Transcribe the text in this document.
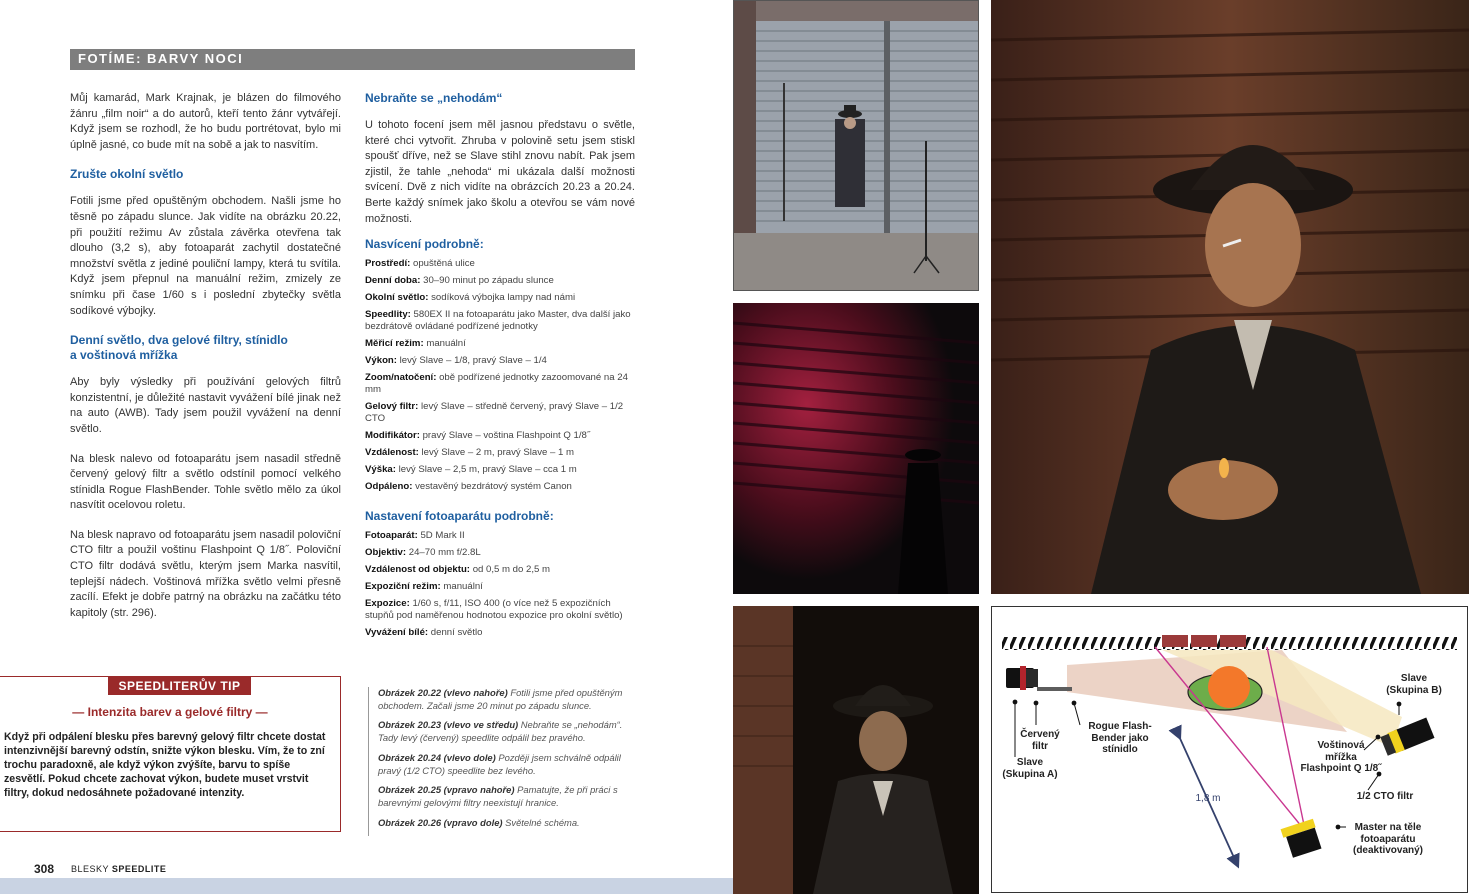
FOTÍME: BARVY NOCI

Můj kamarád, Mark Krajnak, je blázen do filmového žánru „film noir“ a do autorů, kteří tento žánr vytvářejí. Když jsem se rozhodl, že ho budu portrétovat, bylo mi úplně jasné, co bude mít na sobě a jak to nasvítím.

Zrušte okolní světlo

Fotili jsme před opuštěným obchodem. Našli jsme ho těsně po západu slunce. Jak vidíte na obrázku 20.22, při použití režimu Av zůstala závěrka otevřena tak dlouho (3,2 s), aby fotoaparát zachytil dostatečné množství světla z jediné pouliční lampy, která tu svítila. Když jsem přepnul na manuální režim, zmizely ze snímku při čase 1/60 s i poslední zbytečky světla sodíkové výbojky.

Denní světlo, dva gelové filtry, stínidlo
a voštinová mřížka

Aby byly výsledky při používání gelových filtrů konzistentní, je důležité nastavit vyvážení bílé jinak než na auto (AWB). Tady jsem použil vyvážení na denní světlo.

Na blesk nalevo od fotoaparátu jsem nasadil středně červený gelový filtr a světlo odstínil pomocí velkého stínidla Rogue FlashBender. Tohle světlo mělo za úkol nasvítit ocelovou roletu.

Na blesk napravo od fotoaparátu jsem nasadil poloviční CTO filtr a použil voštinu Flashpoint Q 1/8˝. Poloviční CTO filtr dodává světlu, kterým jsem Marka nasvítil, teplejší nádech. Voštinová mřížka světlo velmi přesně zacílí. Efekt je dobře patrný na obrázku na začátku této kapitoly (str. 296).

Nebraňte se „nehodám“

U tohoto focení jsem měl jasnou představu o světle, které chci vytvořit. Zhruba v polovině setu jsem stiskl spoušť dříve, než se Slave stihl znovu nabít. Pak jsem zjistil, že tahle „nehoda“ mi ukázala další možnosti svícení. Dvě z nich vidíte na obrázcích 20.23 a 20.24. Berte každý snímek jako školu a otevřou se vám nové možnosti.

Nasvícení podrobně:
Prostředí: opuštěná ulice
Denní doba: 30–90 minut po západu slunce
Okolní světlo: sodíková výbojka lampy nad námi
Speedlity: 580EX II na fotoaparátu jako Master, dva další jako bezdrátově ovládané podřízené jednotky
Měřicí režim: manuální
Výkon: levý Slave – 1/8, pravý Slave – 1/4
Zoom/natočení: obě podřízené jednotky zazoomované na 24 mm
Gelový filtr: levý Slave – středně červený, pravý Slave – 1/2 CTO
Modifikátor: pravý Slave – voština Flashpoint Q 1/8˝
Vzdálenost: levý Slave – 2 m, pravý Slave – 1 m
Výška: levý Slave – 2,5 m, pravý Slave – cca 1 m
Odpáleno: vestavěný bezdrátový systém Canon
Nastavení fotoaparátu podrobně:
Fotoaparát: 5D Mark II
Objektiv: 24–70 mm f/2.8L
Vzdálenost od objektu: od 0,5 m do 2,5 m
Expoziční režim: manuální
Expozice: 1/60 s, f/11, ISO 400 (o více než 5 expozičních stupňů pod naměřenou hodnotou expozice pro okolní světlo)
Vyvážení bílé: denní světlo
SPEEDLITERŮV TIP
— Intenzita barev a gelové filtry —
Když při odpálení blesku přes barevný gelový filtr chcete dostat intenzivnější barevný odstín, snižte výkon blesku. Vím, že to zní trochu paradoxně, ale když výkon zvýšíte, barvu to spíše zesvětlí. Pokud chcete zachovat výkon, budete muset vrstvit filtry, dokud nedosáhnete požadované intenzity.

Obrázek 20.22 (vlevo nahoře) Fotili jsme před opuštěným obchodem. Začali jsme 20 minut po západu slunce.

Obrázek 20.23 (vlevo ve středu) Nebraňte se „nehodám“. Tady levý (červený) speedlite odpálil bez pravého.

Obrázek 20.24 (vlevo dole) Později jsem schválně odpálil pravý (1/2 CTO) speedlite bez levého.

Obrázek 20.25 (vpravo nahoře) Pamatujte, že při práci s barevnými gelovými filtry neexistují hranice.

Obrázek 20.26 (vpravo dole) Světelné schéma.

308 BLESKY SPEEDLITE
Slave
(Skupina A)
Červený
filtr
Rogue Flash-
Bender jako
stínidlo
Slave
(Skupina B)
Voštinová
mřížka
Flashpoint Q 1/8˝
1/2 CTO filtr
1,8 m
Master na těle
fotoaparátu
(deaktivovaný)
